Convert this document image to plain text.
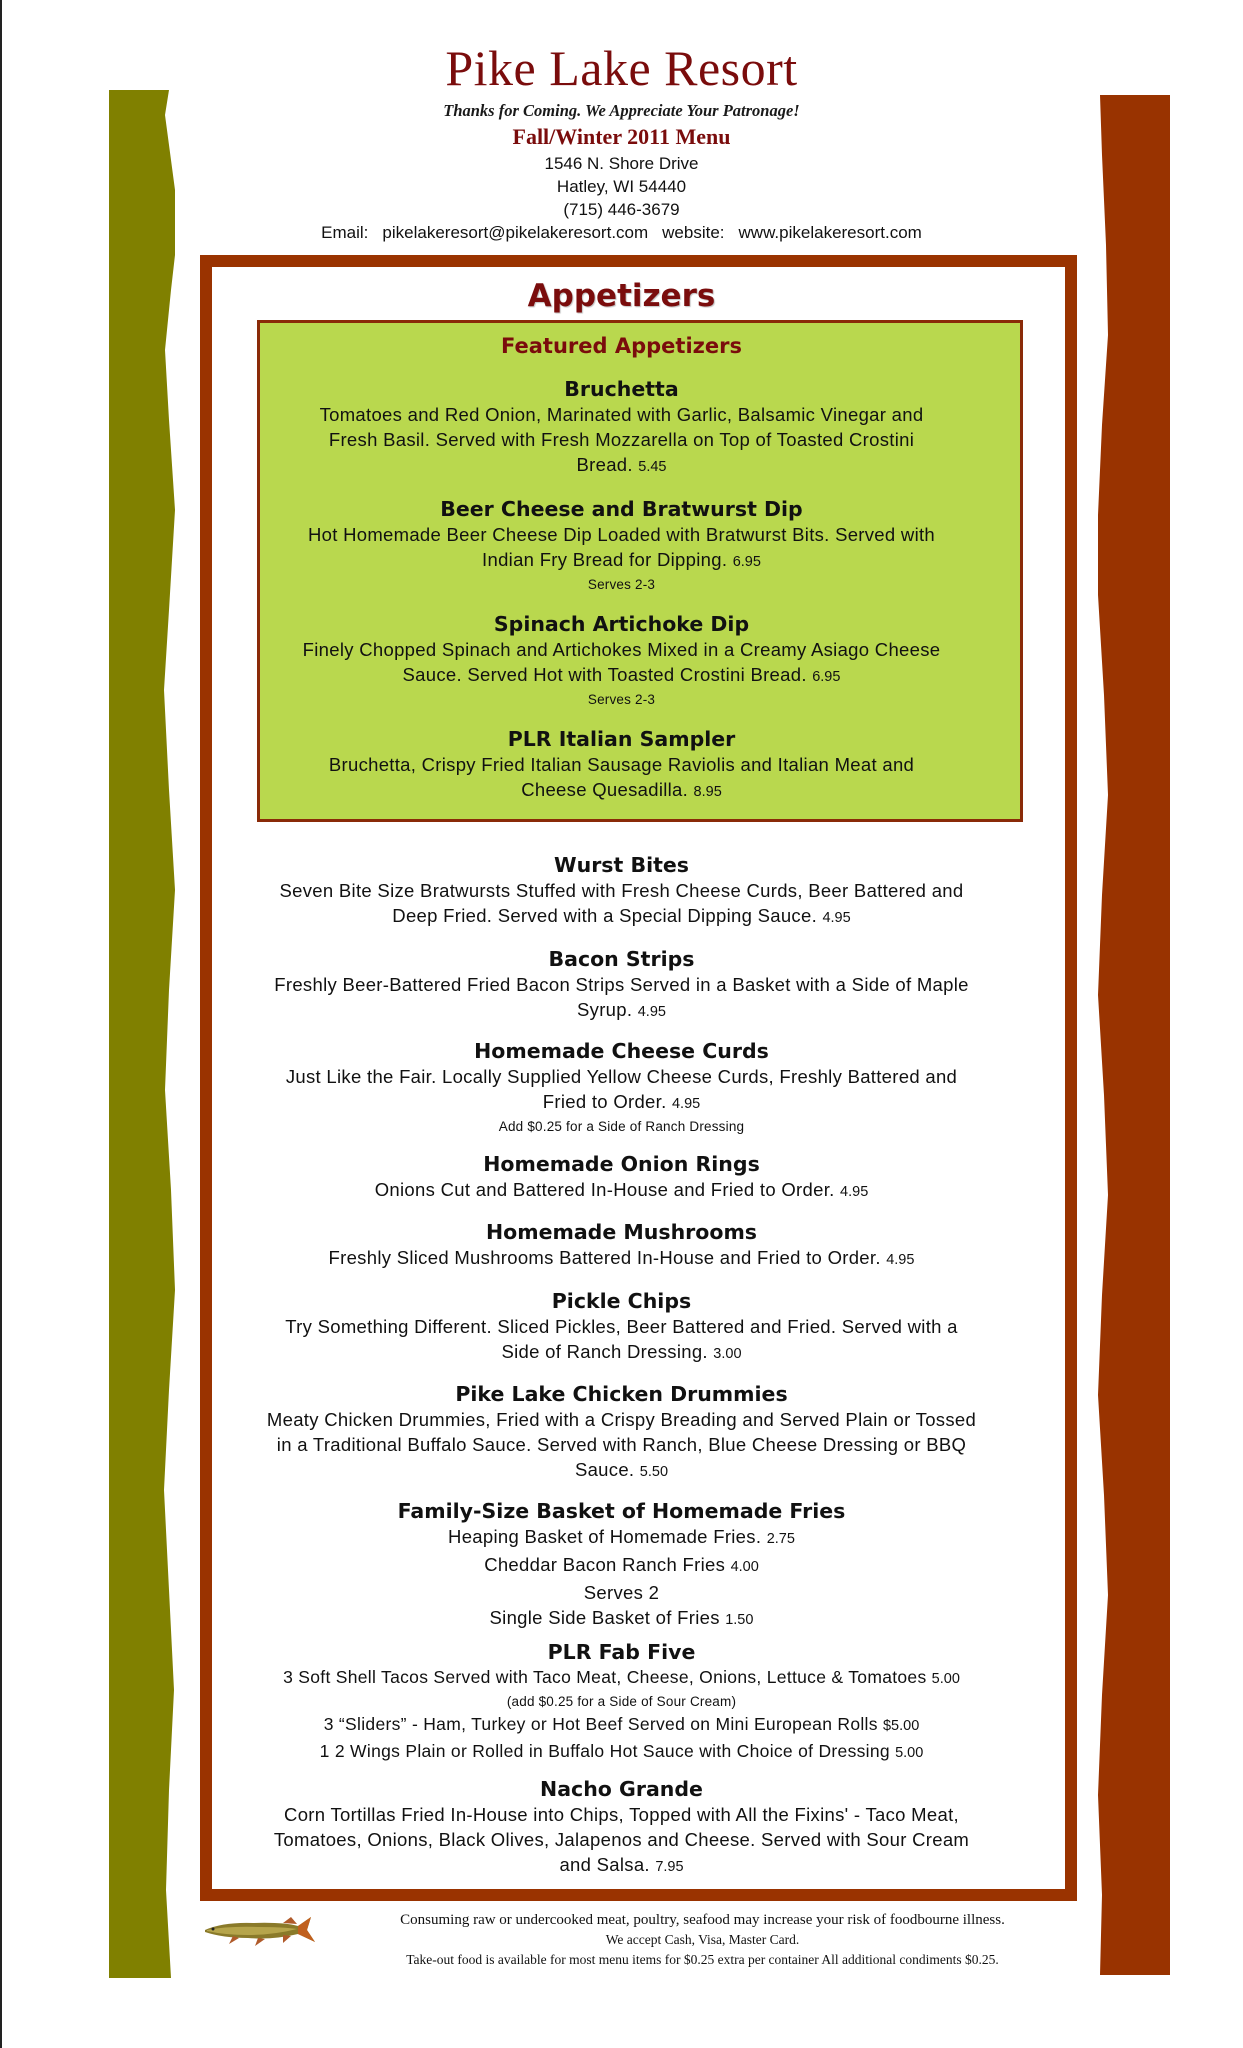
Pike Lake Resort
Thanks for Coming. We Appreciate Your Patronage!
Fall/Winter 2011 Menu
1546 N. Shore Drive
Hatley, WI 54440
(715) 446-3679
Email: pikelakeresort@pikelakeresort.com website: www.pikelakeresort.com
Appetizers
Featured Appetizers
Bruchetta
Tomatoes and Red Onion, Marinated with Garlic, Balsamic Vinegar and
Fresh Basil. Served with Fresh Mozzarella on Top of Toasted Crostini
Bread. 5.45
Beer Cheese and Bratwurst Dip
Hot Homemade Beer Cheese Dip Loaded with Bratwurst Bits. Served with
Indian Fry Bread for Dipping. 6.95
Serves 2-3
Spinach Artichoke Dip
Finely Chopped Spinach and Artichokes Mixed in a Creamy Asiago Cheese
Sauce. Served Hot with Toasted Crostini Bread. 6.95
Serves 2-3
PLR Italian Sampler
Bruchetta, Crispy Fried Italian Sausage Raviolis and Italian Meat and
Cheese Quesadilla. 8.95
Wurst Bites
Seven Bite Size Bratwursts Stuffed with Fresh Cheese Curds, Beer Battered and
Deep Fried. Served with a Special Dipping Sauce. 4.95
Bacon Strips
Freshly Beer-Battered Fried Bacon Strips Served in a Basket with a Side of Maple
Syrup. 4.95
Homemade Cheese Curds
Just Like the Fair. Locally Supplied Yellow Cheese Curds, Freshly Battered and
Fried to Order. 4.95
Add $0.25 for a Side of Ranch Dressing
Homemade Onion Rings
Onions Cut and Battered In-House and Fried to Order. 4.95
Homemade Mushrooms
Freshly Sliced Mushrooms Battered In-House and Fried to Order. 4.95
Pickle Chips
Try Something Different. Sliced Pickles, Beer Battered and Fried. Served with a
Side of Ranch Dressing. 3.00
Pike Lake Chicken Drummies
Meaty Chicken Drummies, Fried with a Crispy Breading and Served Plain or Tossed
in a Traditional Buffalo Sauce. Served with Ranch, Blue Cheese Dressing or BBQ
Sauce. 5.50
Family-Size Basket of Homemade Fries
Heaping Basket of Homemade Fries. 2.75
Cheddar Bacon Ranch Fries 4.00
Serves 2
Single Side Basket of Fries 1.50
PLR Fab Five
3 Soft Shell Tacos Served with Taco Meat, Cheese, Onions, Lettuce & Tomatoes 5.00
(add $0.25 for a Side of Sour Cream)
3 “Sliders” - Ham, Turkey or Hot Beef Served on Mini European Rolls $5.00
1 2 Wings Plain or Rolled in Buffalo Hot Sauce with Choice of Dressing 5.00
Nacho Grande
Corn Tortillas Fried In-House into Chips, Topped with All the Fixins' - Taco Meat,
Tomatoes, Onions, Black Olives, Jalapenos and Cheese. Served with Sour Cream
and Salsa. 7.95
Consuming raw or undercooked meat, poultry, seafood may increase your risk of foodbourne illness.
We accept Cash, Visa, Master Card.
Take-out food is available for most menu items for $0.25 extra per container All additional condiments $0.25.
